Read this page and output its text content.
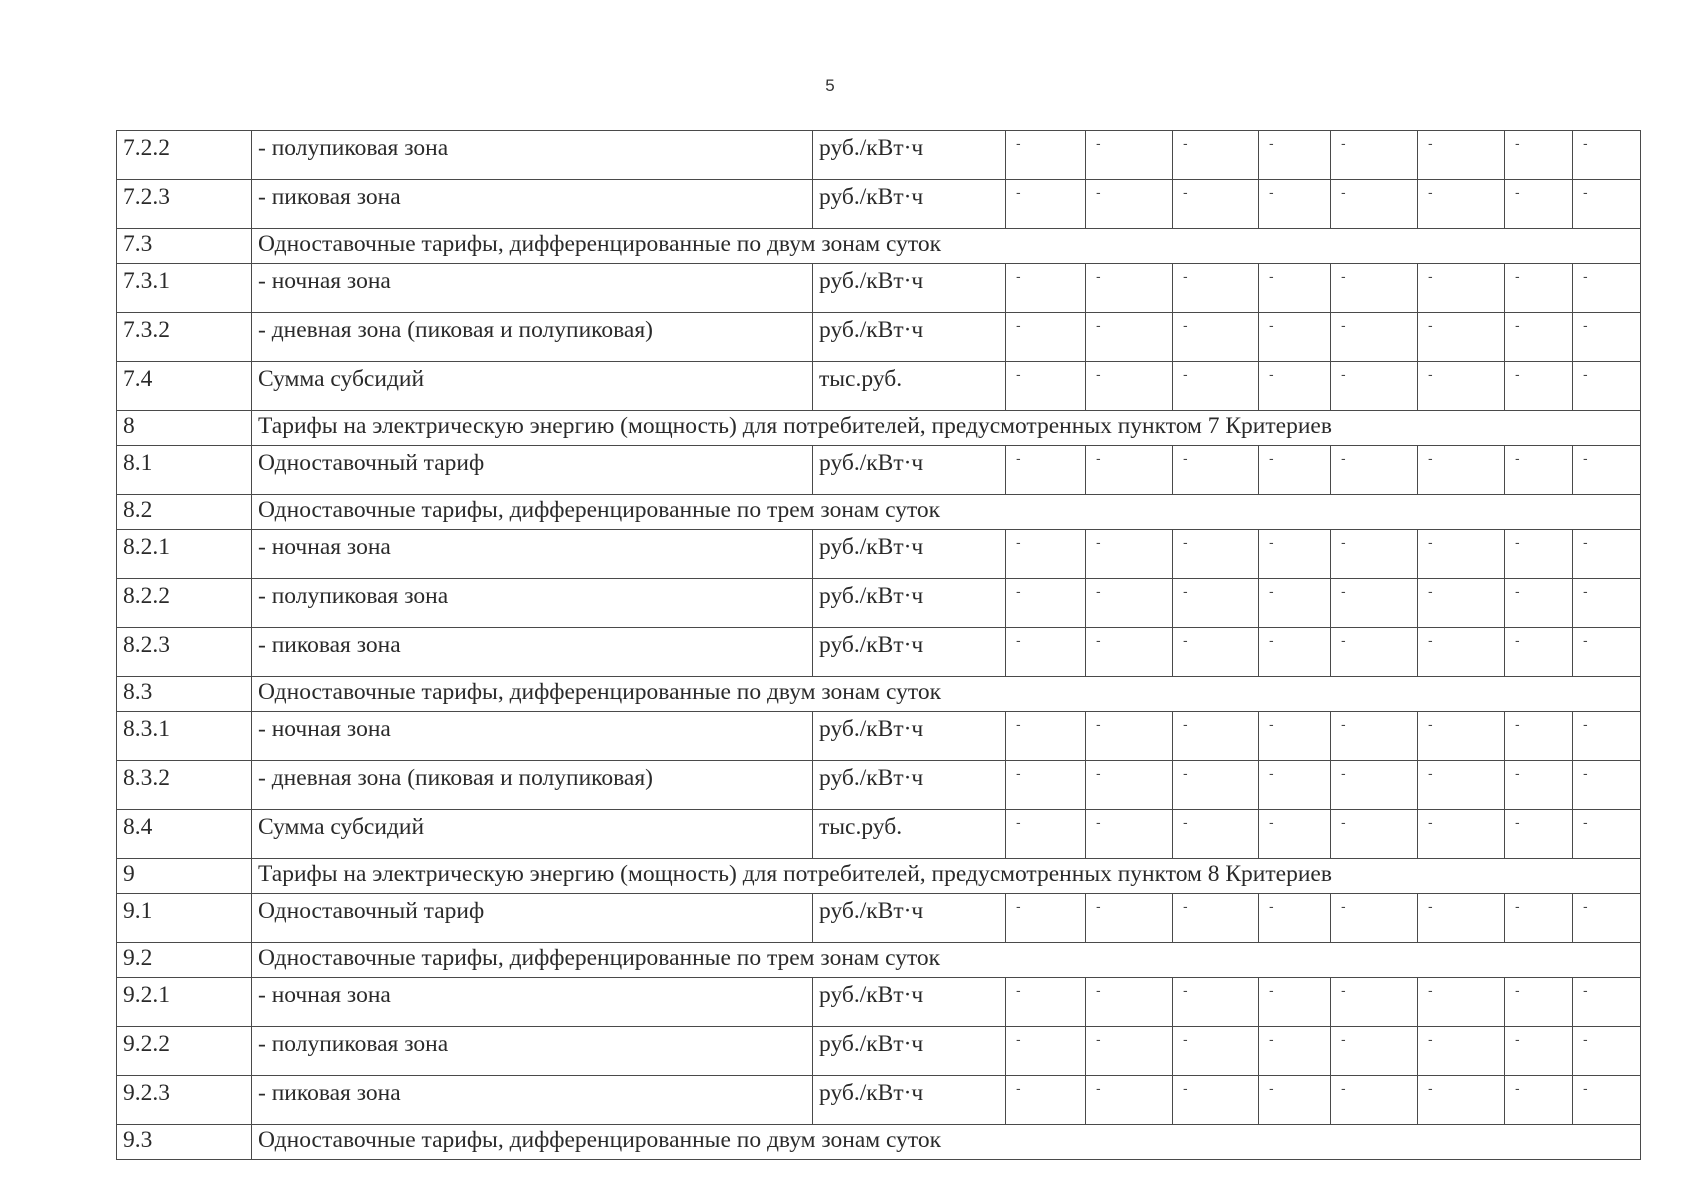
5
7.2.2	- полупиковая зона	руб./кВт·ч	-	-	-	-	-	-	-	-
7.2.3	- пиковая зона	руб./кВт·ч	-	-	-	-	-	-	-	-
7.3	Одноставочные тарифы, дифференцированные по двум зонам суток									
7.3.1	- ночная зона	руб./кВт·ч	-	-	-	-	-	-	-	-
7.3.2	- дневная зона (пиковая и полупиковая)	руб./кВт·ч	-	-	-	-	-	-	-	-
7.4	Сумма субсидий	тыс.руб.	-	-	-	-	-	-	-	-
8	Тарифы на электрическую энергию (мощность) для потребителей, предусмотренных пунктом 7 Критериев									
8.1	Одноставочный тариф	руб./кВт·ч	-	-	-	-	-	-	-	-
8.2	Одноставочные тарифы, дифференцированные по трем зонам суток									
8.2.1	- ночная зона	руб./кВт·ч	-	-	-	-	-	-	-	-
8.2.2	- полупиковая зона	руб./кВт·ч	-	-	-	-	-	-	-	-
8.2.3	- пиковая зона	руб./кВт·ч	-	-	-	-	-	-	-	-
8.3	Одноставочные тарифы, дифференцированные по двум зонам суток									
8.3.1	- ночная зона	руб./кВт·ч	-	-	-	-	-	-	-	-
8.3.2	- дневная зона (пиковая и полупиковая)	руб./кВт·ч	-	-	-	-	-	-	-	-
8.4	Сумма субсидий	тыс.руб.	-	-	-	-	-	-	-	-
9	Тарифы на электрическую энергию (мощность) для потребителей, предусмотренных пунктом 8 Критериев									
9.1	Одноставочный тариф	руб./кВт·ч	-	-	-	-	-	-	-	-
9.2	Одноставочные тарифы, дифференцированные по трем зонам суток									
9.2.1	- ночная зона	руб./кВт·ч	-	-	-	-	-	-	-	-
9.2.2	- полупиковая зона	руб./кВт·ч	-	-	-	-	-	-	-	-
9.2.3	- пиковая зона	руб./кВт·ч	-	-	-	-	-	-	-	-
9.3	Одноставочные тарифы, дифференцированные по двум зонам суток									
